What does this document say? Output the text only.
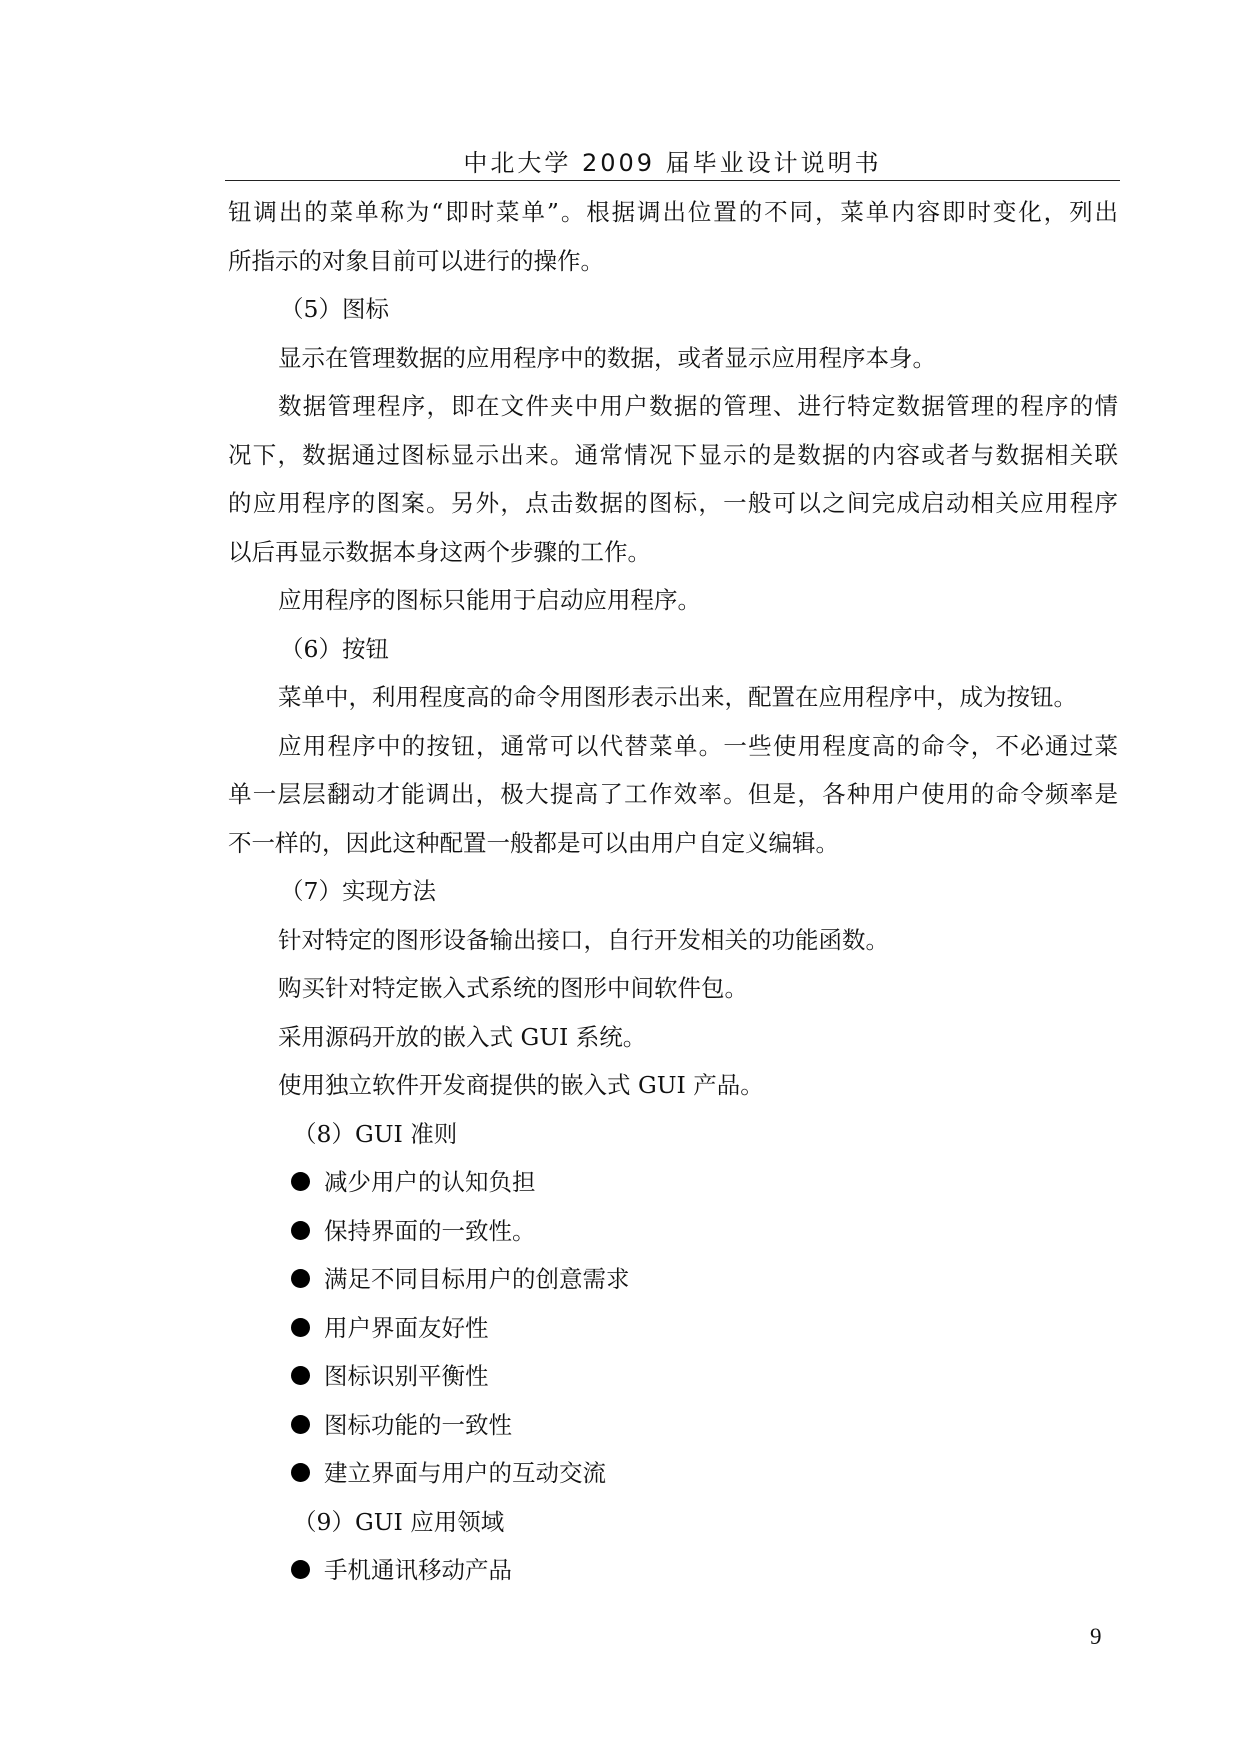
中北大学 2009 届毕业设计说明书
钮调出的菜单称为“即时菜单”。根据调出位置的不同，菜单内容即时变化，列出
所指示的对象目前可以进行的操作。
（5）图标
显示在管理数据的应用程序中的数据，或者显示应用程序本身。
数据管理程序，即在文件夹中用户数据的管理、进行特定数据管理的程序的情
况下，数据通过图标显示出来。通常情况下显示的是数据的内容或者与数据相关联
的应用程序的图案。另外，点击数据的图标，一般可以之间完成启动相关应用程序
以后再显示数据本身这两个步骤的工作。
应用程序的图标只能用于启动应用程序。
（6）按钮
菜单中，利用程度高的命令用图形表示出来，配置在应用程序中，成为按钮。
应用程序中的按钮，通常可以代替菜单。一些使用程度高的命令，不必通过菜
单一层层翻动才能调出，极大提高了工作效率。但是，各种用户使用的命令频率是
不一样的，因此这种配置一般都是可以由用户自定义编辑。
（7）实现方法
针对特定的图形设备输出接口，自行开发相关的功能函数。
购买针对特定嵌入式系统的图形中间软件包。
采用源码开放的嵌入式 GUI 系统。
使用独立软件开发商提供的嵌入式 GUI 产品。
（8）GUI 准则
减少用户的认知负担
保持界面的一致性。
满足不同目标用户的创意需求
用户界面友好性
图标识别平衡性
图标功能的一致性
建立界面与用户的互动交流
（9）GUI 应用领域
手机通讯移动产品
9
